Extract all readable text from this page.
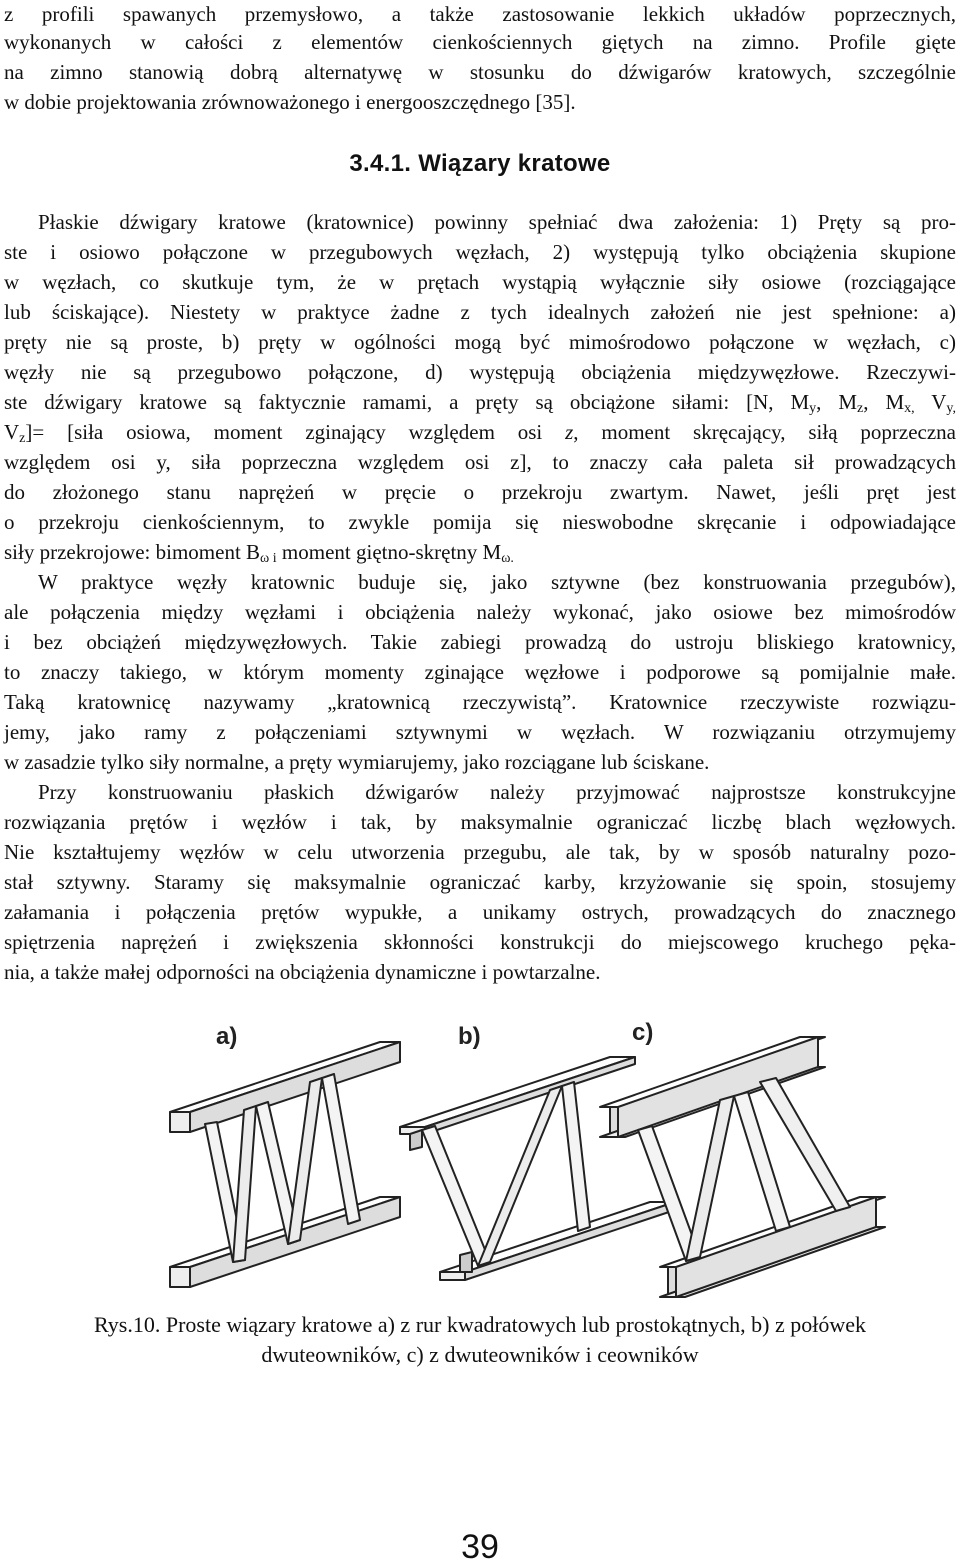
z profili spawanych przemysłowo, a także zastosowanie lekkich układów poprzecznych,
wykonanych w całości z elementów cienkościennych giętych na zimno. Profile gięte
na zimno stanowią dobrą alternatywę w stosunku do dźwigarów kratowych, szczególnie
w dobie projektowania zrównoważonego i energooszczędnego [35].
3.4.1. Wiązary kratowe
Płaskie dźwigary kratowe (kratownice) powinny spełniać dwa założenia: 1) Pręty są pro-
ste i osiowo połączone w przegubowych węzłach, 2) występują tylko obciążenia skupione
w węzłach, co skutkuje tym, że w prętach wystąpią wyłącznie siły osiowe (rozciągające
lub ściskające). Niestety w praktyce żadne z tych idealnych założeń nie jest spełnione: a)
pręty nie są proste, b) pręty w ogólności mogą być mimośrodowo połączone w węzłach, c)
węzły nie są przegubowo połączone, d) występują obciążenia międzywęzłowe. Rzeczywi-
ste dźwigary kratowe są faktycznie ramami, a pręty są obciążone siłami: [N, $M_y$, $M_z$, $M_{x,}$ $V_{y,}$
$V_z]=$ [siła osiowa, moment zginający względem osi z, moment skręcający, siłą poprzeczna
względem osi y, siła poprzeczna względem osi z], to znaczy cała paleta sił prowadzących
do złożonego stanu naprężeń w pręcie o przekroju zwartym. Nawet, jeśli pręt jest
o przekroju cienkościennym, to zwykle pomija się nieswobodne skręcanie i odpowiadające
siły przekrojowe: bimoment $B_{\omega i}$ moment giętno-skrętny $M_{\omega.}$
W praktyce węzły kratownic buduje się, jako sztywne (bez konstruowania przegubów),
ale połączenia między węzłami i obciążenia należy wykonać, jako osiowe bez mimośrodów
i bez obciążeń międzywęzłowych. Takie zabiegi prowadzą do ustroju bliskiego kratownicy,
to znaczy takiego, w którym momenty zginające węzłowe i podporowe są pomijalnie małe.
Taką kratownicę nazywamy „kratownicą rzeczywistą”. Kratownice rzeczywiste rozwiązu-
jemy, jako ramy z połączeniami sztywnymi w węzłach. W rozwiązaniu otrzymujemy
w zasadzie tylko siły normalne, a pręty wymiarujemy, jako rozciągane lub ściskane.
Przy konstruowaniu płaskich dźwigarów należy przyjmować najprostsze konstrukcyjne
rozwiązania prętów i węzłów i tak, by maksymalnie ograniczać liczbę blach węzłowych.
Nie kształtujemy węzłów w celu utworzenia przegubu, ale tak, by w sposób naturalny pozo-
stał sztywny. Staramy się maksymalnie ograniczać karby, krzyżowanie się spoin, stosujemy
załamania i połączenia prętów wypukłe, a unikamy ostrych, prowadzących do znacznego
spiętrzenia naprężeń i zwiększenia skłonności konstrukcji do miejscowego kruchego pęka-
nia, a także małej odporności na obciążenia dynamiczne i powtarzalne.
a)	b)	c)
Rys.10. Proste wiązary kratowe a) z rur kwadratowych lub prostokątnych, b) z połówek
dwuteowników, c) z dwuteowników i ceowników
39
